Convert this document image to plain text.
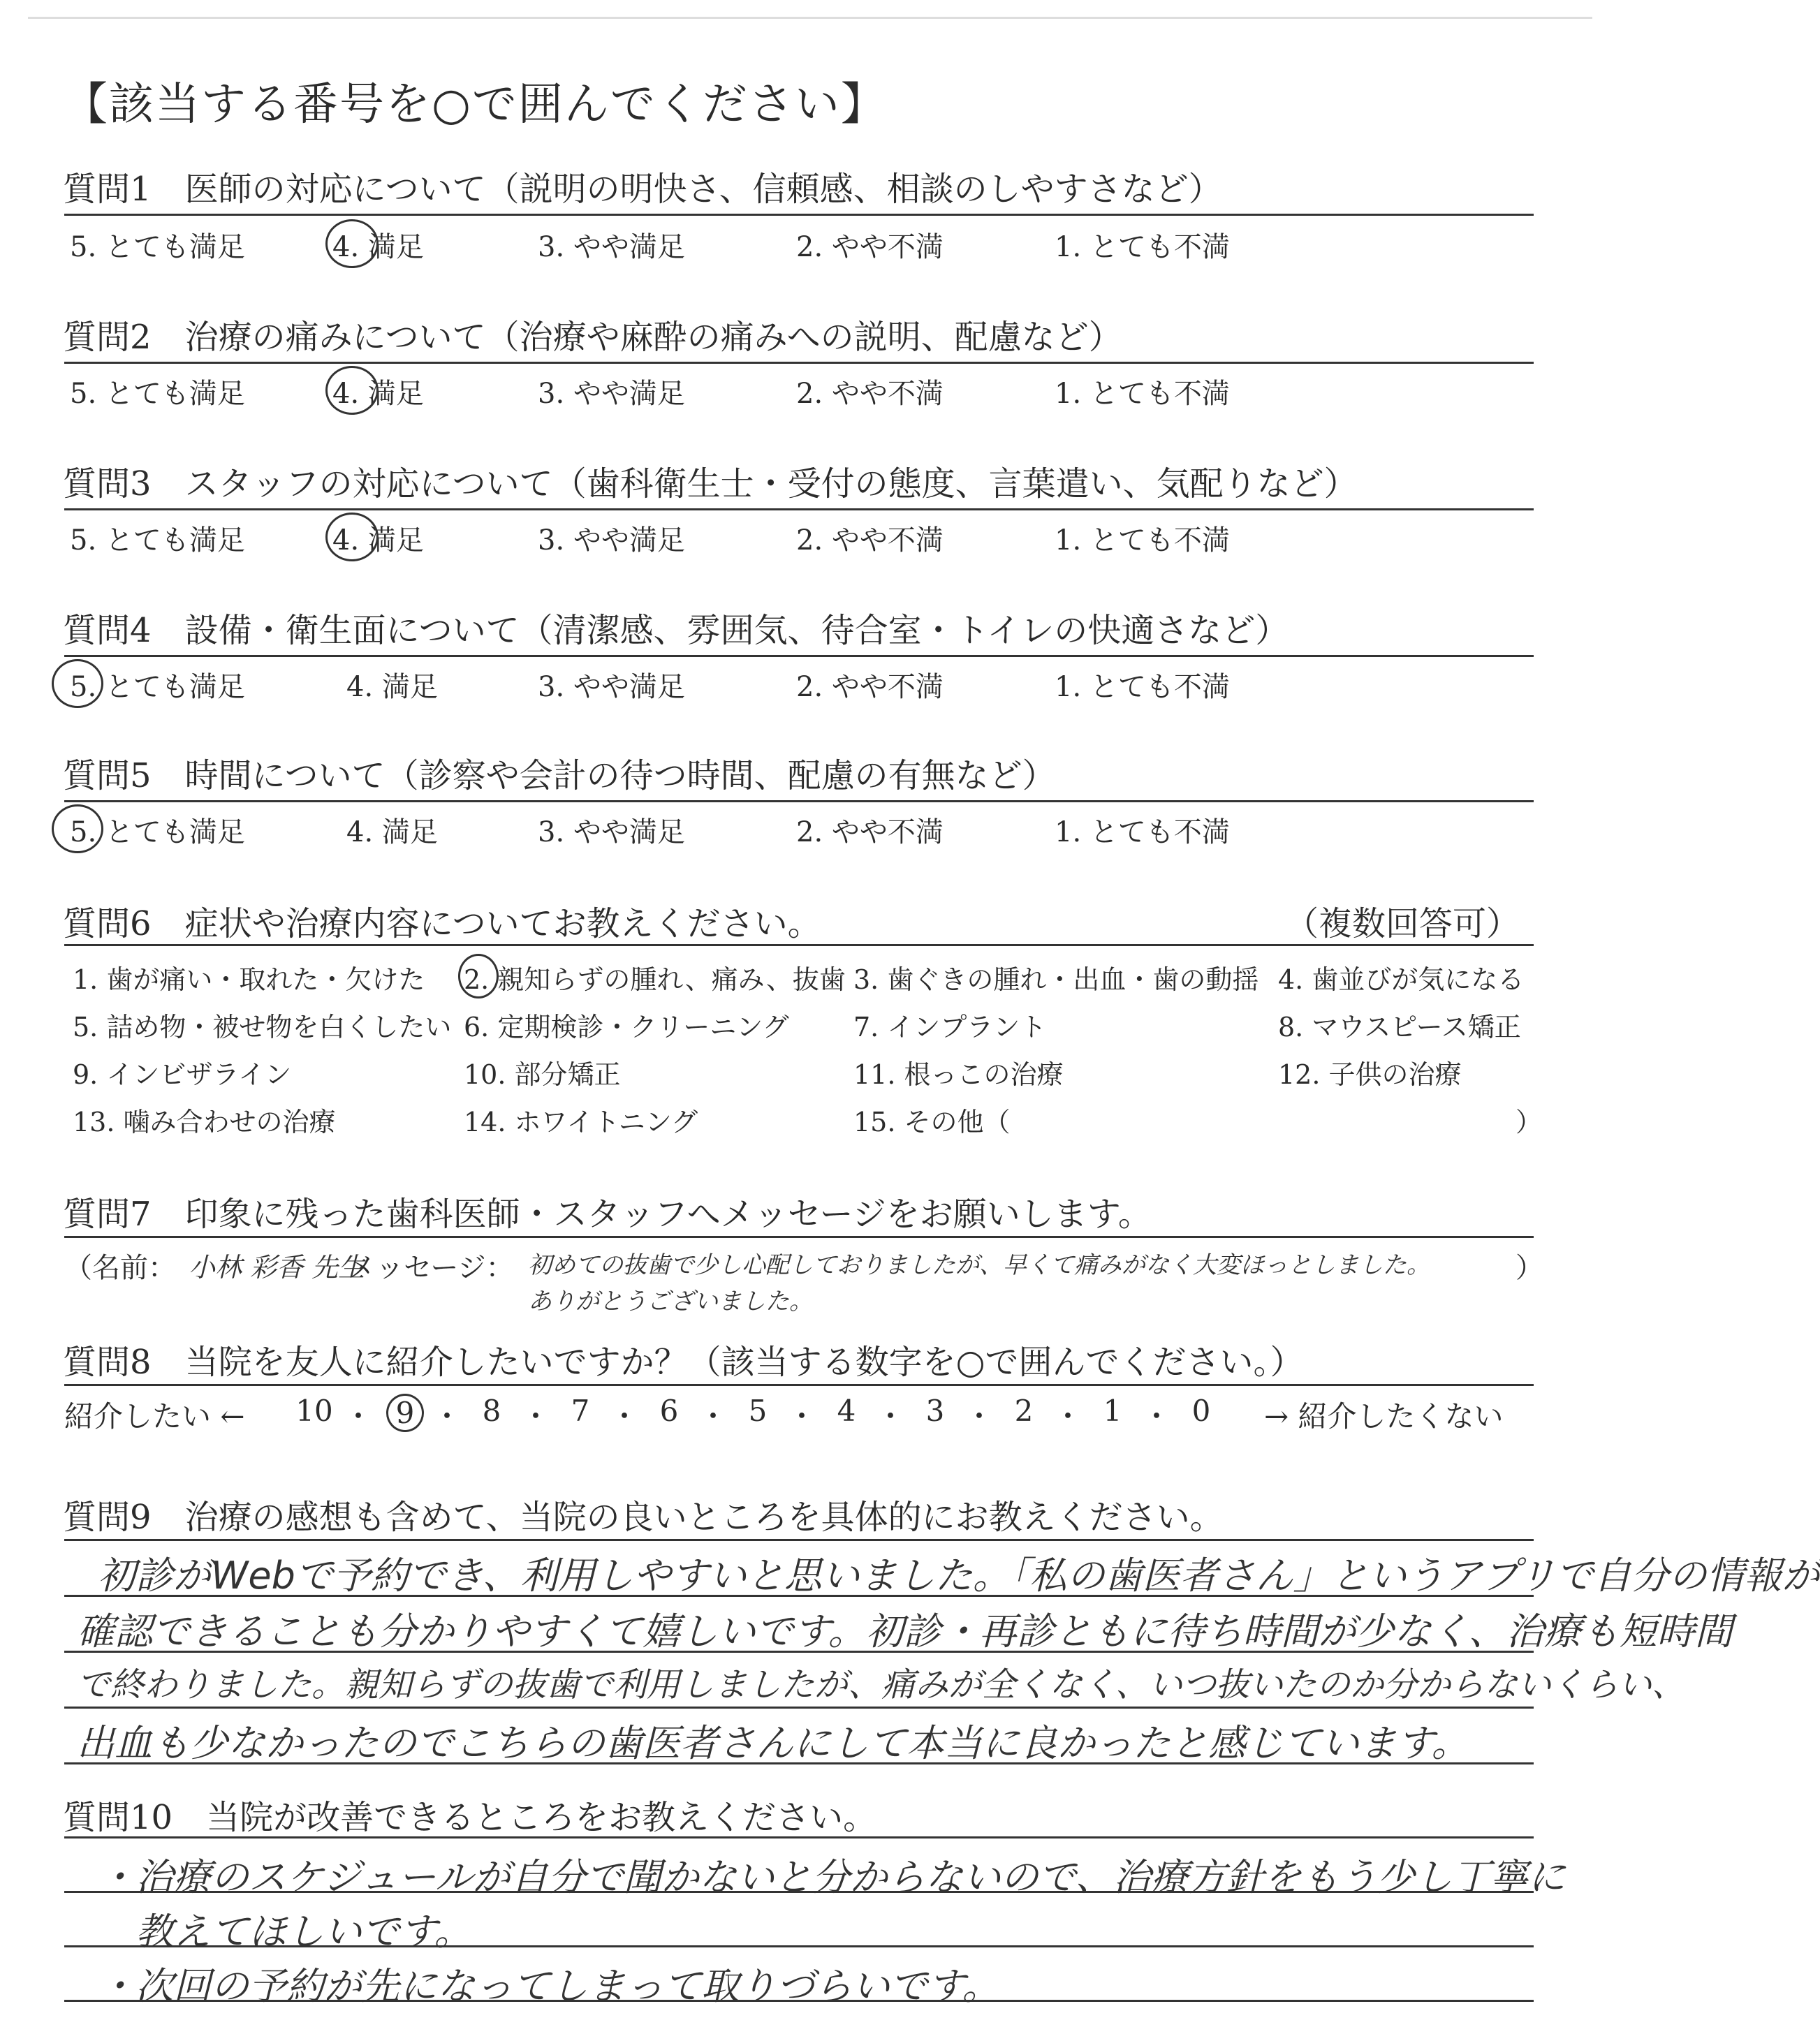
【該当する番号を○で囲んでください】
質問1　 医師の対応について（説明の明快さ、信頼感、相談のしやすさなど）
5. とても満足	4. 満足	3. やや満足	2. やや不満	1. とても不満
質問2　 治療の痛みについて（治療や麻酔の痛みへの説明、配慮など）
5. とても満足	4. 満足	3. やや満足	2. やや不満	1. とても不満
質問3　 スタッフの対応について（歯科衛生士・受付の態度、言葉遣い、気配りなど）
5. とても満足	4. 満足	3. やや満足	2. やや不満	1. とても不満
質問4　 設備・衛生面について（清潔感、雰囲気、待合室・トイレの快適さなど）
5. とても満足	4. 満足	3. やや満足	2. やや不満	1. とても不満
質問5　 時間について（診察や会計の待つ時間、配慮の有無など）
5. とても満足	4. 満足	3. やや満足	2. やや不満	1. とても不満
質問6　 症状や治療内容についてお教えください。	（複数回答可）
1. 歯が痛い・取れた・欠けた 2. 親知らずの腫れ、痛み、抜歯 3. 歯ぐきの腫れ・出血・歯の動揺 4. 歯並びが気になる
5. 詰め物・被せ物を白くしたい 6. 定期検診・クリーニング 7. インプラント	8. マウスピース矯正
9. インビザライン	10. 部分矯正	11. 根っこの治療	12. 子供の治療
13. 噛み合わせの治療	14. ホワイトニング	15. その他（	）
質問7　 印象に残った歯科医師・スタッフへメッセージをお願いします。
（名前： 小林 彩香 先生
メッセージ： 初めての抜歯で少し心配しておりましたが、早くて痛みがなく大変ほっとしました。
ありがとうございました。
）
質問8　 当院を友人に紹介したいですか？（該当する数字を○で囲んでください。）
紹介したい ←	→ 紹介したくない
10 ・ 9 ・ 8 ・ 7 ・ 6 ・ 5 ・ 4 ・ 3 ・ 2 ・ 1 ・ 0
質問9　 治療の感想も含めて、当院の良いところを具体的にお教えください。
初診がWebで予約でき、利用しやすいと思いました。「私の歯医者さん」というアプリで自分の情報が
確認できることも分かりやすくて嬉しいです。初診・再診ともに待ち時間が少なく、治療も短時間
で終わりました。親知らずの抜歯で利用しましたが、痛みが全くなく、いつ抜いたのか分からないくらい、
出血も少なかったのでこちらの歯医者さんにして本当に良かったと感じています。
質問10　 当院が改善できるところをお教えください。
・治療のスケジュールが自分で聞かないと分からないので、治療方針をもう少し丁寧に
　教えてほしいです。
・次回の予約が先になってしまって取りづらいです。
